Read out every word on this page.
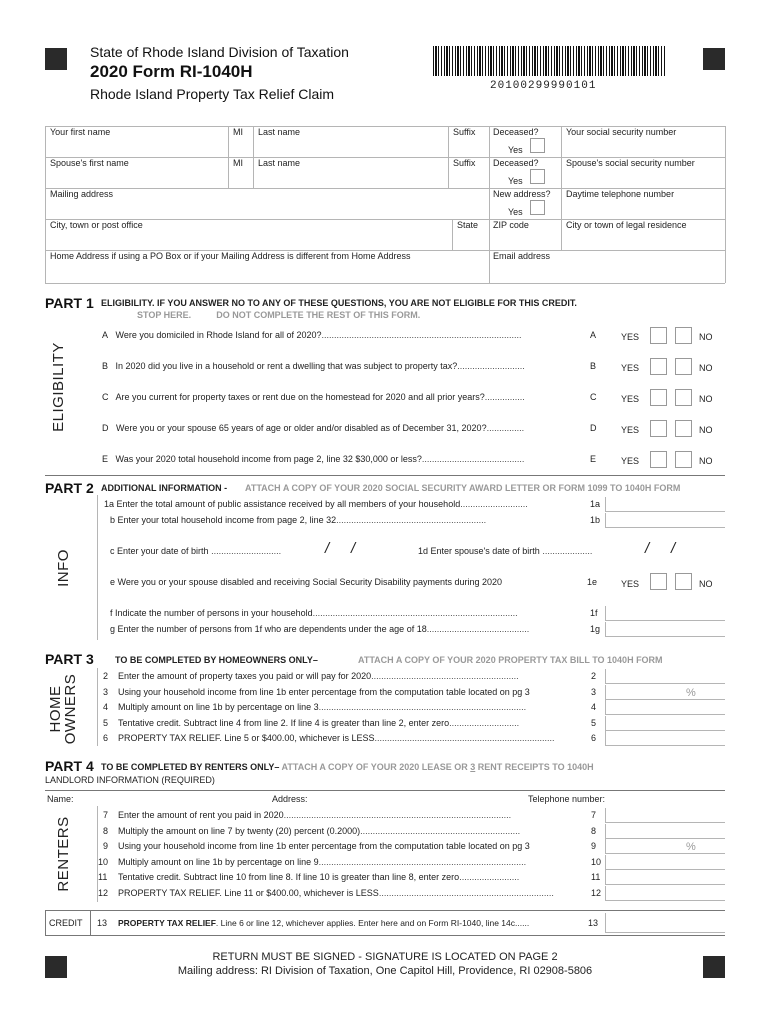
State of Rhode Island Division of Taxation
2020 Form RI-1040H
Rhode Island Property Tax Relief Claim	20100299990101
Your first name	MI Last name	Suffix Deceased?	Your social security number
Yes
Spouse's first name	MI Last name	Suffix Deceased?	Spouse's social security number
Yes
Mailing address	New address? Daytime telephone number
Yes
City, town or post office	State ZIP code	City or town of legal residence
Home Address if using a PO Box or if your Mailing Address is different from Home Address	Email address
PART 1 ELIGIBILITY. IF YOU ANSWER NO TO ANY OF THESE QUESTIONS, YOU ARE NOT ELIGIBLE FOR THIS CREDIT.
STOP HERE.          DO NOT COMPLETE THE REST OF THIS FORM.
ELIGIBILITY
A Were you domiciled in Rhode Island for all of 2020?................................................................................	A	YES	NO
B In 2020 did you live in a household or rent a dwelling that was subject to property tax?...........................	B	YES	NO
C Are you current for property taxes or rent due on the homestead for 2020 and all prior years?................	C	YES	NO
D Were you or your spouse 65 years of age or older and/or disabled as of December 31, 2020?...............	D	YES	NO
E Was your 2020 total household income from page 2, line 32 $30,000 or less?.........................................	E	YES	NO
PART 2 ADDITIONAL INFORMATION - ATTACH A COPY OF YOUR 2020 SOCIAL SECURITY AWARD LETTER OR FORM 1099 TO 1040H FORM
INFO
1a Enter the total amount of public assistance received by all members of your household...........................	1a
b Enter your total household income from page 2, line 32............................................................	1b
c Enter your date of birth ............................	/ /	1d Enter spouse's date of birth ....................	/ /
e Were you or your spouse disabled and receiving Social Security Disability payments during 2020	1e	YES	NO
f Indicate the number of persons in your household..................................................................................	1f
g Enter the number of persons from 1f who are dependents under the age of 18.........................................	1g
PART 3 TO BE COMPLETED BY HOMEOWNERS ONLY–	ATTACH A COPY OF YOUR 2020 PROPERTY TAX BILL TO 1040H FORM
HOME
OWNERS	2 Enter the amount of property taxes you paid or will pay for 2020...........................................................	2
3 Using your household income from line 1b enter percentage from the computation table located on pg 3	3	%
4 Multiply amount on line 1b by percentage on line 3...................................................................................	4
5 Tentative credit. Subtract line 4 from line 2. If line 4 is greater than line 2, enter zero............................	5
6 PROPERTY TAX RELIEF. Line 5 or $400.00, whichever is LESS........................................................................	6
PART 4 TO BE COMPLETED BY RENTERS ONLY– ATTACH A COPY OF YOUR 2020 LEASE OR 3 RENT RECEIPTS TO 1040H
LANDLORD INFORMATION (REQUIRED)
Name:	Address:	Telephone number:
RENTERS
7 Enter the amount of rent you paid in 2020...........................................................................................	7
8 Multiply the amount on line 7 by twenty (20) percent (0.2000)................................................................	8
9 Using your household income from line 1b enter percentage from the computation table located on pg 3	9	%
10 Multiply amount on line 1b by percentage on line 9...................................................................................	10
11 Tentative credit. Subtract line 10 from line 8. If line 10 is greater than line 8, enter zero........................	11
12 PROPERTY TAX RELIEF. Line 11 or $400.00, whichever is LESS......................................................................	12
CREDIT 13 PROPERTY TAX RELIEF. Line 6 or line 12, whichever applies. Enter here and on Form RI-1040, line 14c......	13
RETURN MUST BE SIGNED - SIGNATURE IS LOCATED ON PAGE 2
Mailing address: RI Division of Taxation, One Capitol Hill, Providence, RI 02908-5806
